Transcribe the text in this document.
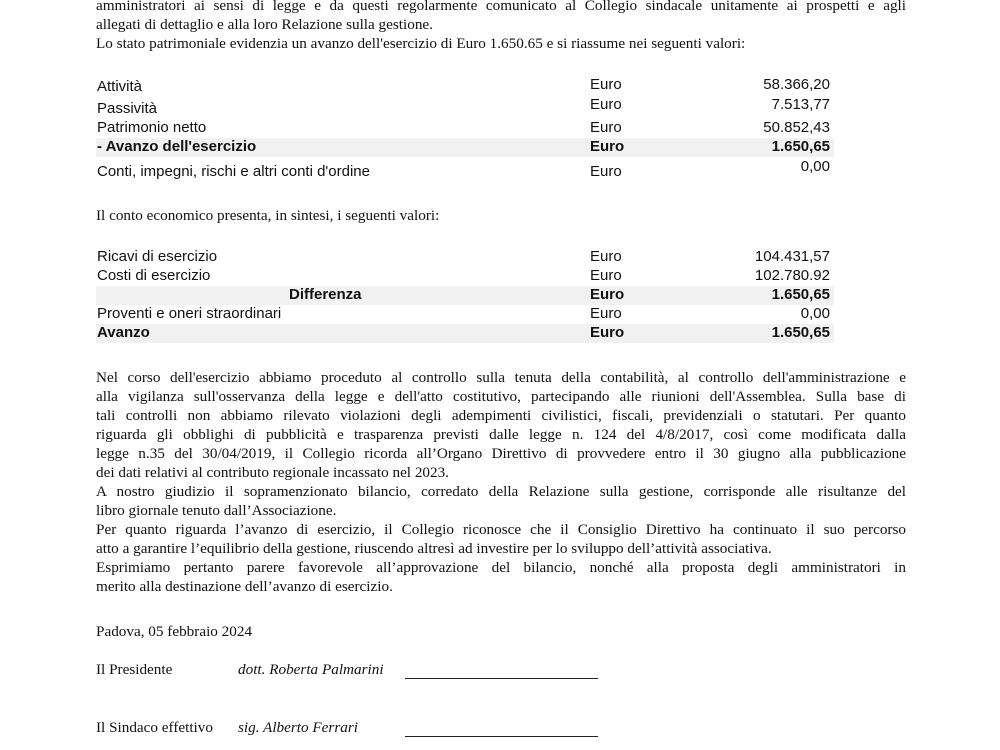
amministratori ai sensi di legge e da questi regolarmente comunicato al Collegio sindacale unitamente ai prospetti e agli
allegati di dettaglio e alla loro Relazione sulla gestione.
Lo stato patrimoniale evidenzia un avanzo dell'esercizio di Euro 1.650.65 e si riassume nei seguenti valori:
Attività	Euro	58.366,20
Passività	Euro	7.513,77
Patrimonio netto	Euro	50.852,43
- Avanzo dell'esercizio	Euro	1.650,65
Conti, impegni, rischi e altri conti d'ordine	Euro	0,00
Il conto economico presenta, in sintesi, i seguenti valori:
Ricavi di esercizio	Euro	104.431,57
Costi di esercizio	Euro	102.780.92
Differenza	Euro	1.650,65
Proventi e oneri straordinari	Euro	0,00
Avanzo	Euro	1.650,65
Nel corso dell'esercizio abbiamo proceduto al controllo sulla tenuta della contabilità, al controllo dell'amministrazione e
alla vigilanza sull'osservanza della legge e dell'atto costitutivo, partecipando alle riunioni dell'Assemblea. Sulla base di
tali controlli non abbiamo rilevato violazioni degli adempimenti civilistici, fiscali, previdenziali o statutari. Per quanto
riguarda gli obblighi di pubblicità e trasparenza previsti dalle legge n. 124 del 4/8/2017, così come modificata dalla
legge n.35 del 30/04/2019, il Collegio ricorda all’Organo Direttivo di provvedere entro il 30 giugno alla pubblicazione
dei dati relativi al contributo regionale incassato nel 2023.
A nostro giudizio il sopramenzionato bilancio, corredato della Relazione sulla gestione, corrisponde alle risultanze del
libro giornale tenuto dall’Associazione.
Per quanto riguarda l’avanzo di esercizio, il Collegio riconosce che il Consiglio Direttivo ha continuato il suo percorso
atto a garantire l’equilibrio della gestione, riuscendo altresì ad investire per lo sviluppo dell’attività associativa.
Esprimiamo pertanto parere favorevole all’approvazione del bilancio, nonché alla proposta degli amministratori in
merito alla destinazione dell’avanzo di esercizio.
Padova, 05 febbraio 2024
Il Presidente	dott. Roberta Palmarini
Il Sindaco effettivo sig. Alberto Ferrari
